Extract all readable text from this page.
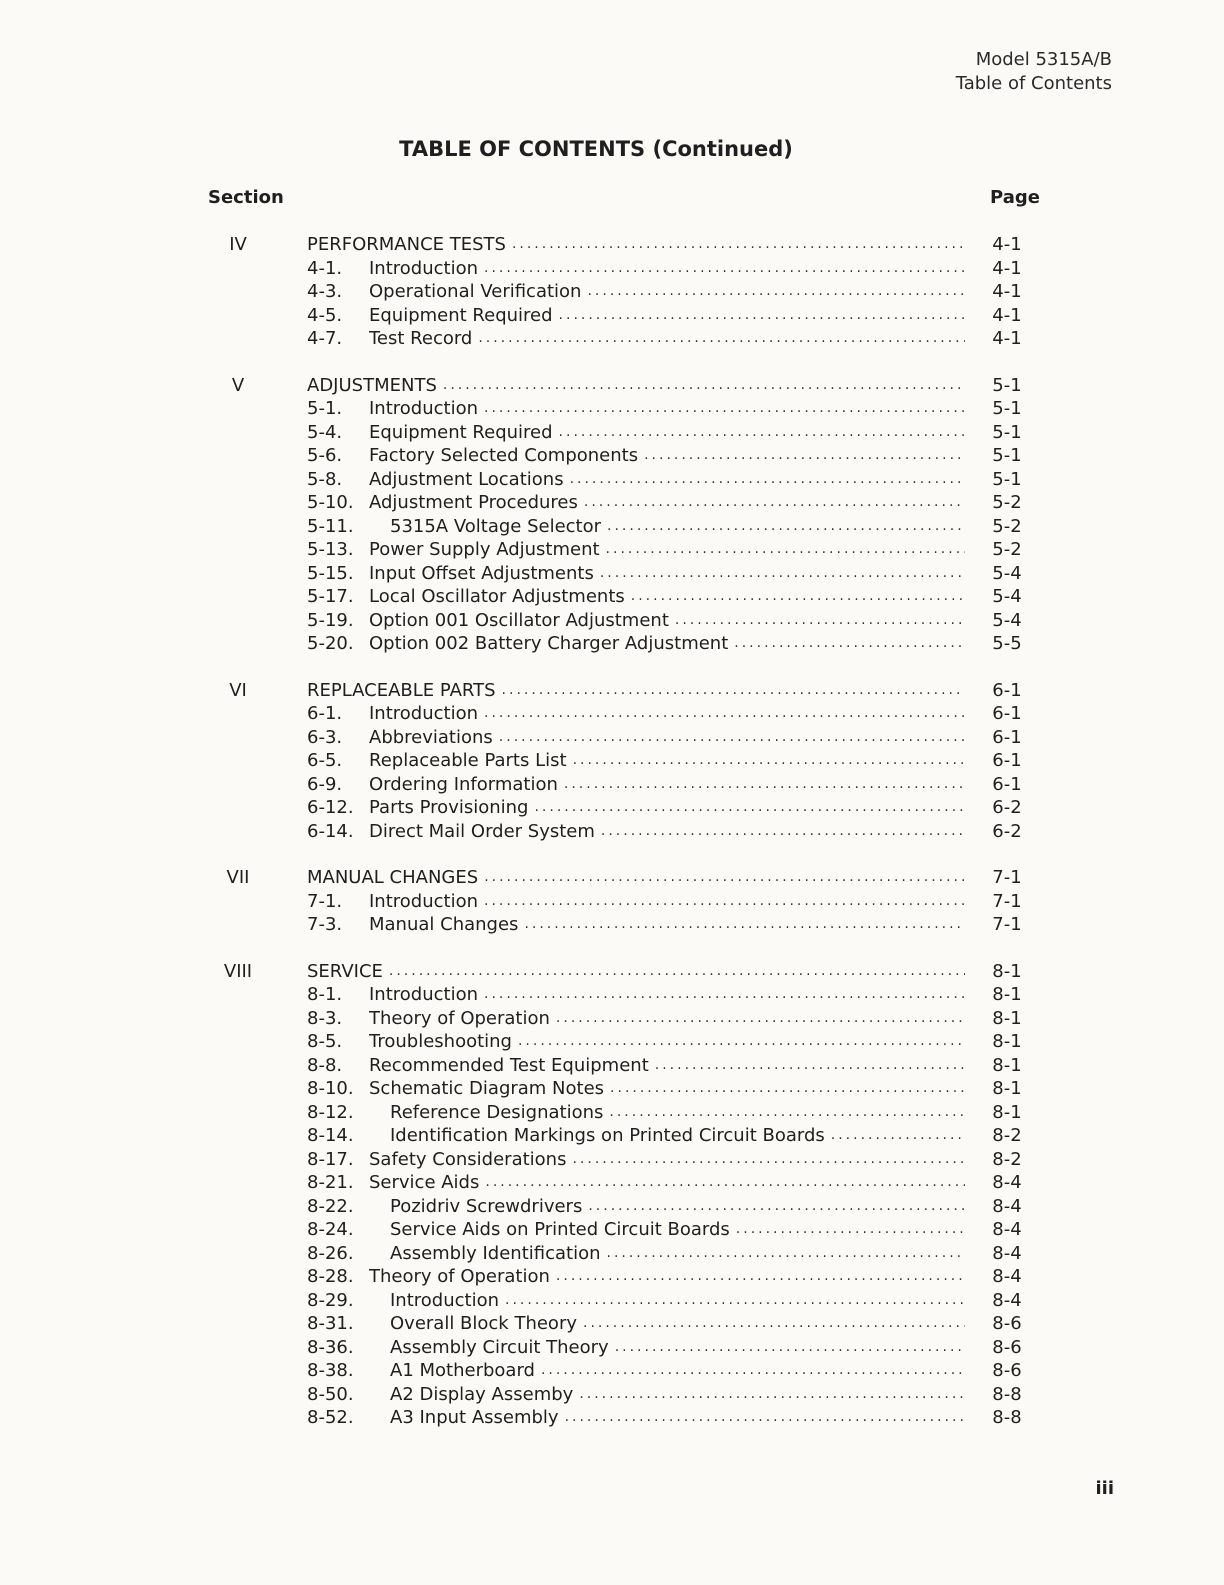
Model 5315A/B
Table of Contents
TABLE OF CONTENTS (Continued)
Section	Page
IV	PERFORMANCE TESTS .....	4-1
4-1.	Introduction .....	4-1
4-3.	Operational Verification .....	4-1
4-5.	Equipment Required .....	4-1
4-7.	Test Record .....	4-1
V	ADJUSTMENTS .....	5-1
5-1.	Introduction .....	5-1
5-4.	Equipment Required .....	5-1
5-6.	Factory Selected Components .....	5-1
5-8.	Adjustment Locations .....	5-1
5-10. Adjustment Procedures .....	5-2
5-11.	5315A Voltage Selector .....	5-2
5-13. Power Supply Adjustment .....	5-2
5-15. Input Offset Adjustments .....	5-4
5-17. Local Oscillator Adjustments .....	5-4
5-19. Option 001 Oscillator Adjustment .....	5-4
5-20. Option 002 Battery Charger Adjustment .....	5-5
VI	REPLACEABLE PARTS .....	6-1
6-1.	Introduction .....	6-1
6-3.	Abbreviations .....	6-1
6-5.	Replaceable Parts List .....	6-1
6-9.	Ordering Information .....	6-1
6-12. Parts Provisioning .....	6-2
6-14. Direct Mail Order System .....	6-2
VII	MANUAL CHANGES .....	7-1
7-1.	Introduction .....	7-1
7-3.	Manual Changes .....	7-1
VIII	SERVICE .....	8-1
8-1.	Introduction .....	8-1
8-3.	Theory of Operation .....	8-1
8-5.	Troubleshooting .....	8-1
8-8.	Recommended Test Equipment .....	8-1
8-10. Schematic Diagram Notes .....	8-1
8-12.	Reference Designations .....	8-1
8-14.	Identification Markings on Printed Circuit Boards .....	8-2
8-17. Safety Considerations .....	8-2
8-21. Service Aids .....	8-4
8-22.	Pozidriv Screwdrivers .....	8-4
8-24.	Service Aids on Printed Circuit Boards .....	8-4
8-26.	Assembly Identification .....	8-4
8-28. Theory of Operation .....	8-4
8-29.	Introduction .....	8-4
8-31.	Overall Block Theory .....	8-6
8-36.	Assembly Circuit Theory .....	8-6
8-38.	A1 Motherboard .....	8-6
8-50.	A2 Display Assemby .....	8-8
8-52.	A3 Input Assembly .....	8-8
iii
